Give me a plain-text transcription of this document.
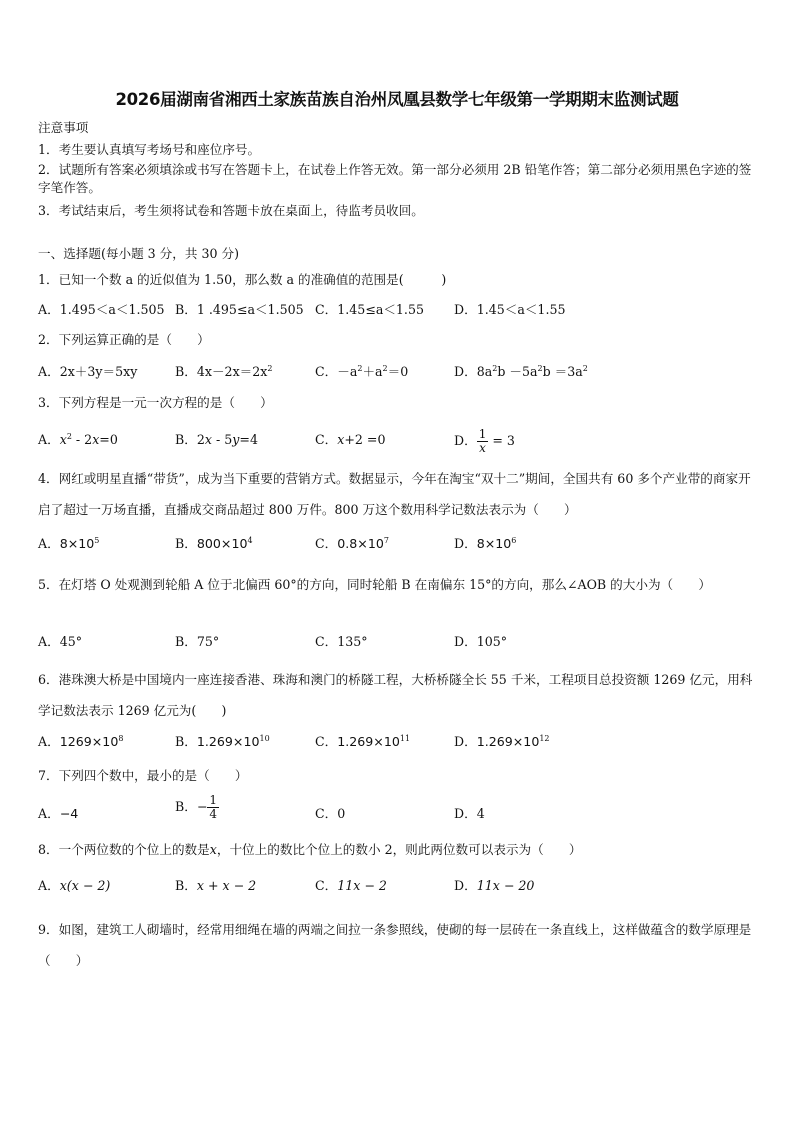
2026届湖南省湘西土家族苗族自治州凤凰县数学七年级第一学期期末监测试题
注意事项
1．考生要认真填写考场号和座位序号。
2．试题所有答案必须填涂或书写在答题卡上，在试卷上作答无效。第一部分必须用 2B 铅笔作答；第二部分必须用黑色字迹的签字笔作答。
3．考试结束后，考生须将试卷和答题卡放在桌面上，待监考员收回。
一、选择题(每小题 3 分，共 30 分)
1．已知一个数 a 的近似值为 1.50，那么数 a 的准确值的范围是(　　　)
A．1.495＜a＜1.505 B．1 .495≤a＜1.505 C．1.45≤a＜1.55 D．1.45＜a＜1.55
2．下列运算正确的是（　　）
A．2x＋3y＝5xy	B．$4x-2x=2x^2$	C．$-a^2+a^2=0$	D．$8a^2b -5a^2b =3a^2$
3．下列方程是一元一次方程的是（　　）
A．$x^2 - 2x=0$	B．2x - 5y=4	C．x+2 =0	D． $\frac{1}{x} = 3$
4．网红或明星直播“带货”，成为当下重要的营销方式。数据显示，今年在淘宝“双十二”期间，全国共有 60 多个产业带的商家开启了超过一万场直播，直播成交商品超过 800 万件。800 万这个数用科学记数法表示为（　　）
A．$8\times 10^5$	B．$800\times 10^4$	C．$0.8\times 10^7$	D．$8\times 10^6$
5．在灯塔 O 处观测到轮船 A 位于北偏西 60°的方向，同时轮船 B 在南偏东 15°的方向，那么∠AOB 的大小为（　　）
A．45°	B．75°	C．135°	D．105°
6．港珠澳大桥是中国境内一座连接香港、珠海和澳门的桥隧工程，大桥桥隧全长 55 千米，工程项目总投资额 1269 亿元，用科学记数法表示 1269 亿元为(　　)
A．$1269\times 10^8$	B．$1.269\times 10^{10}$	C．$1.269\times 10^{11}$	D．$1.269\times 10^{12}$
7．下列四个数中，最小的是（　　）
A．−4	B．− $\frac{1}{4}$	C．0	D．4
8．一个两位数的个位上的数是x，十位上的数比个位上的数小 2，则此两位数可以表示为（　　）
A．x(x − 2)	B．x + x − 2	C．11x − 2	D．11x − 20
9．如图，建筑工人砌墙时，经常用细绳在墙的两端之间拉一条参照线，使砌的每一层砖在一条直线上，这样做蕴含的数学原理是（　　）
